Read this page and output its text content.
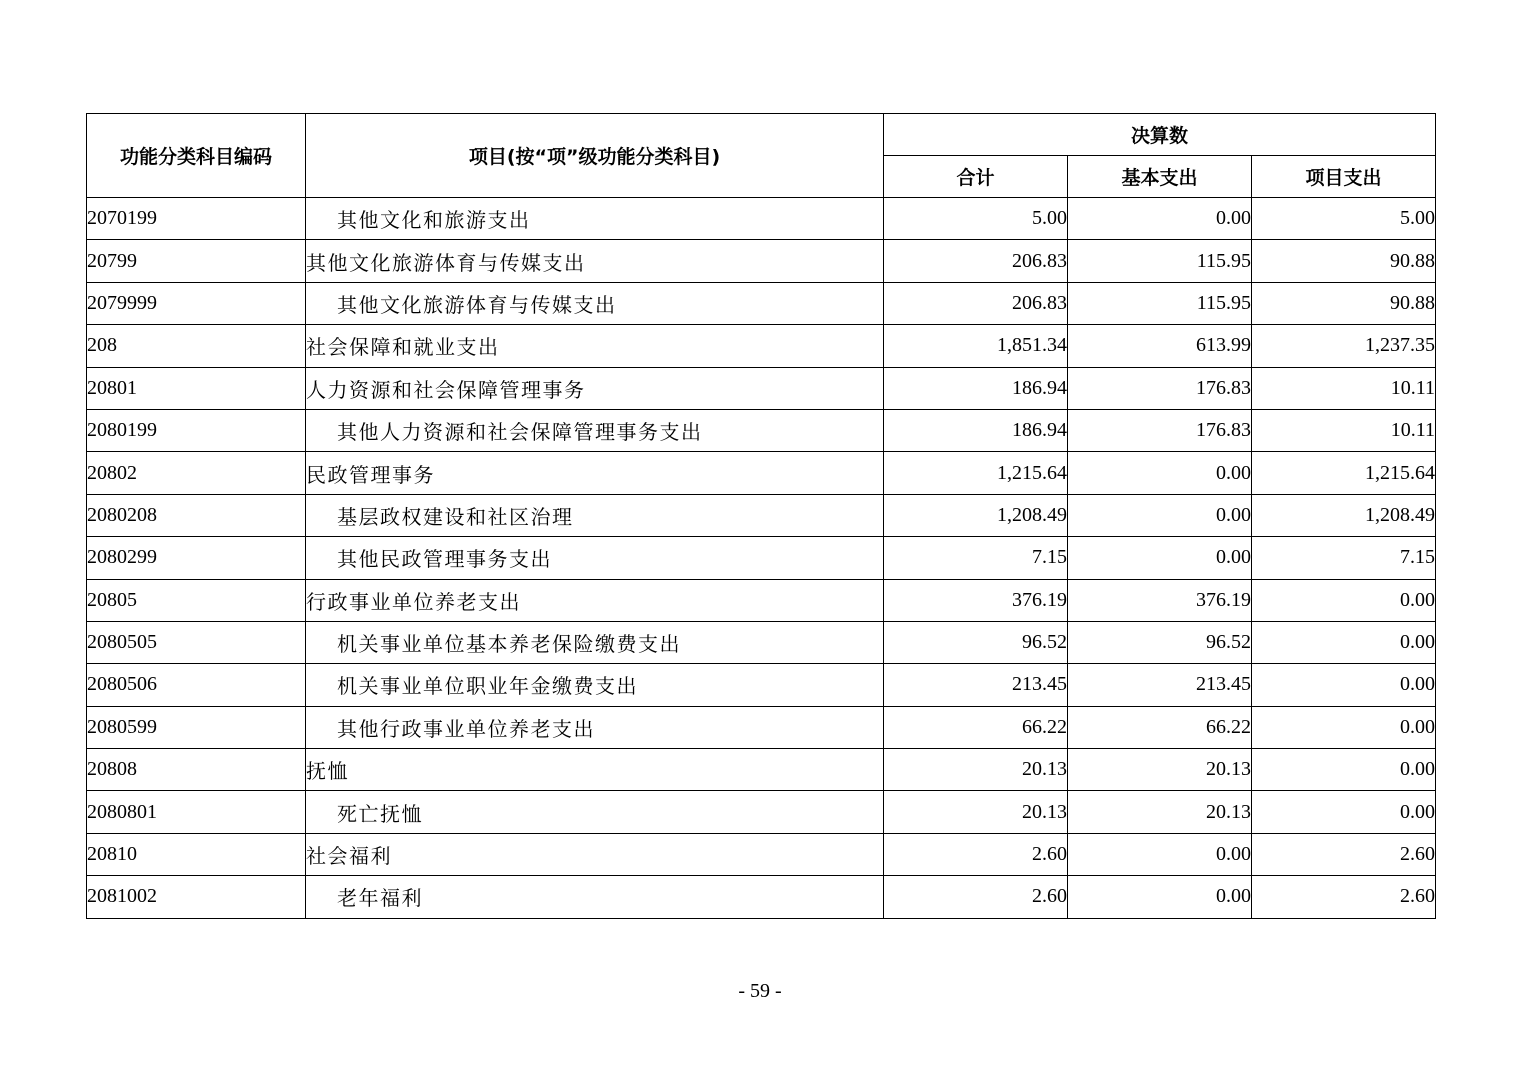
功能分类科目编码	项目(按“项”级功能分类科目)	决算数		
		合计	基本支出	项目支出
2070199	其他文化和旅游支出	5.00	0.00	5.00
20799	其他文化旅游体育与传媒支出	206.83	115.95	90.88
2079999	其他文化旅游体育与传媒支出	206.83	115.95	90.88
208	社会保障和就业支出	1,851.34	613.99	1,237.35
20801	人力资源和社会保障管理事务	186.94	176.83	10.11
2080199	其他人力资源和社会保障管理事务支出	186.94	176.83	10.11
20802	民政管理事务	1,215.64	0.00	1,215.64
2080208	基层政权建设和社区治理	1,208.49	0.00	1,208.49
2080299	其他民政管理事务支出	7.15	0.00	7.15
20805	行政事业单位养老支出	376.19	376.19	0.00
2080505	机关事业单位基本养老保险缴费支出	96.52	96.52	0.00
2080506	机关事业单位职业年金缴费支出	213.45	213.45	0.00
2080599	其他行政事业单位养老支出	66.22	66.22	0.00
20808	抚恤	20.13	20.13	0.00
2080801	死亡抚恤	20.13	20.13	0.00
20810	社会福利	2.60	0.00	2.60
2081002	老年福利	2.60	0.00	2.60
- 59 -
